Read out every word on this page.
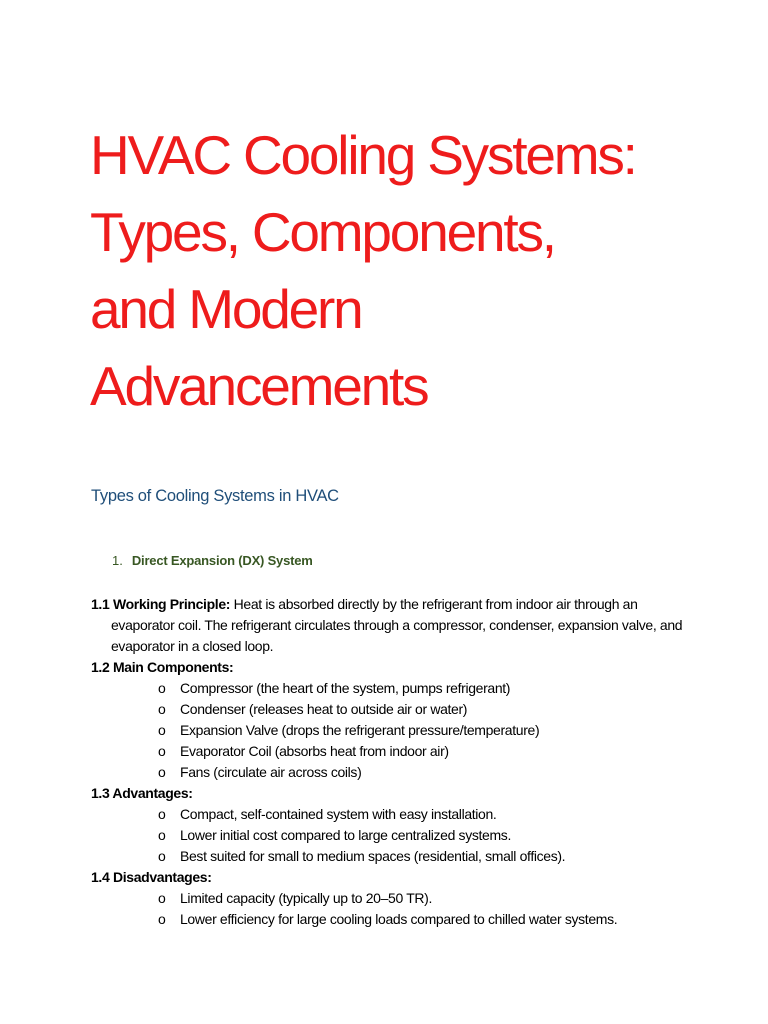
HVAC Cooling Systems:
Types, Components,
and Modern
Advancements
Types of Cooling Systems in HVAC
1. Direct Expansion (DX) System

1.1 Working Principle: Heat is absorbed directly by the refrigerant from indoor air through an evaporator coil. The refrigerant circulates through a compressor, condenser, expansion valve, and evaporator in a closed loop.

1.2 Main Components:

o Compressor (the heart of the system, pumps refrigerant)
o Condenser (releases heat to outside air or water)
o Expansion Valve (drops the refrigerant pressure/temperature)
o Evaporator Coil (absorbs heat from indoor air)
o Fans (circulate air across coils)

1.3 Advantages:

o Compact, self-contained system with easy installation.
o Lower initial cost compared to large centralized systems.
o Best suited for small to medium spaces (residential, small offices).

1.4 Disadvantages:

o Limited capacity (typically up to 20–50 TR).
o Lower efficiency for large cooling loads compared to chilled water systems.
